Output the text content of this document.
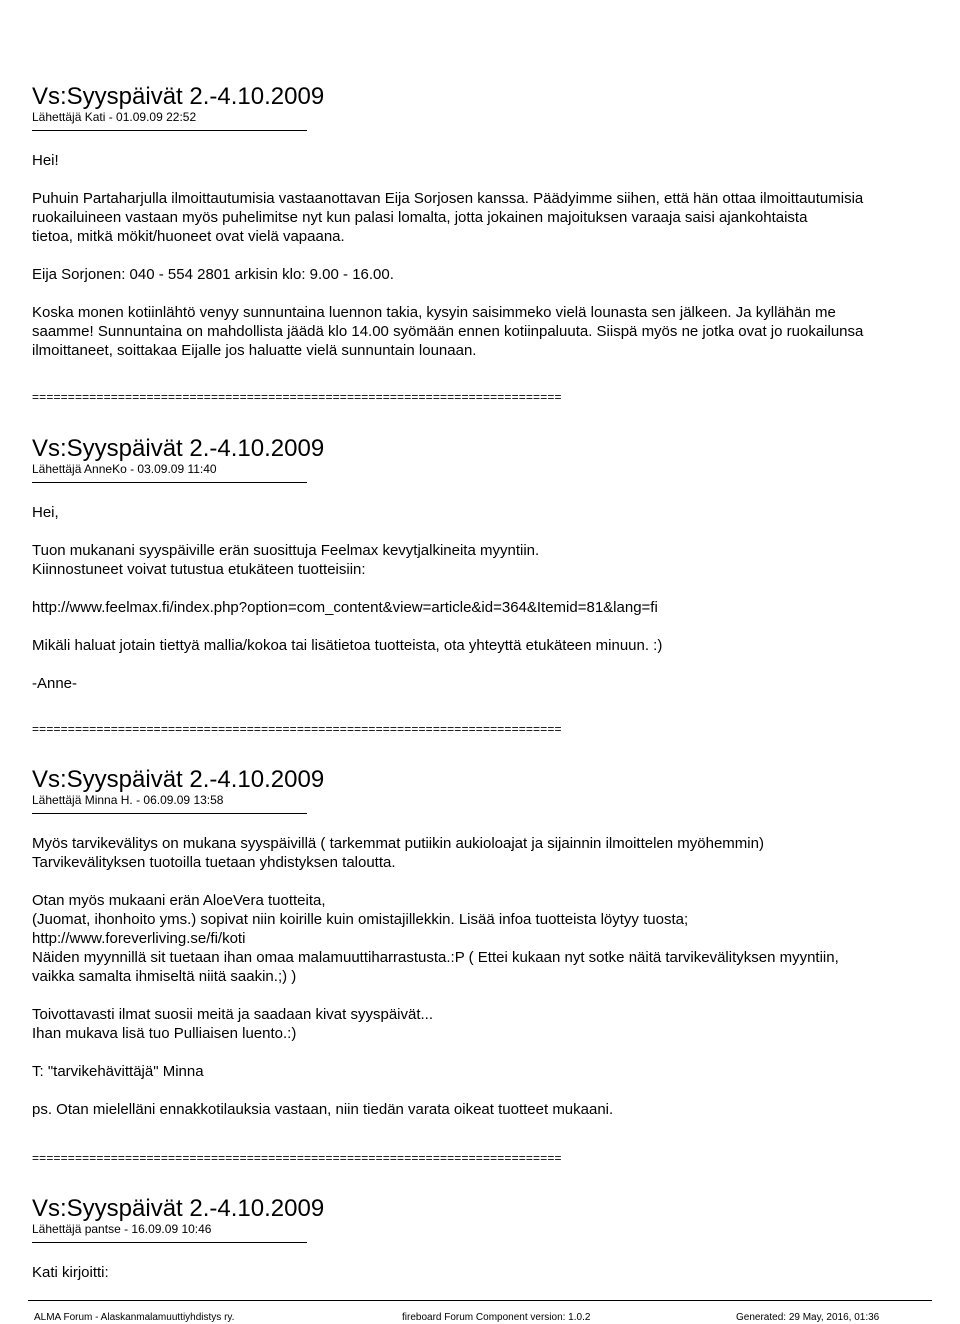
Vs:Syyspäivät 2.-4.10.2009
Lähettäjä Kati - 01.09.09 22:52

Hei!

Puhuin Partaharjulla ilmoittautumisia vastaanottavan Eija Sorjosen kanssa. Päädyimme siihen, että hän ottaa ilmoittautumisia

ruokailuineen vastaan myös puhelimitse nyt kun palasi lomalta, jotta jokainen majoituksen varaaja saisi ajankohtaista

tietoa, mitkä mökit/huoneet ovat vielä vapaana.

Eija Sorjonen: 040 - 554 2801 arkisin klo: 9.00 - 16.00.

Koska monen kotiinlähtö venyy sunnuntaina luennon takia, kysyin saisimmeko vielä lounasta sen jälkeen. Ja kyllähän me

saamme! Sunnuntaina on mahdollista jäädä klo 14.00 syömään ennen kotiinpaluuta. Siispä myös ne jotka ovat jo ruokailunsa

ilmoittaneet, soittakaa Eijalle jos haluatte vielä sunnuntain lounaan.

==========================================================================
Vs:Syyspäivät 2.-4.10.2009
Lähettäjä AnneKo - 03.09.09 11:40

Hei,

Tuon mukanani syyspäiville erän suosittuja Feelmax kevytjalkineita myyntiin.

Kiinnostuneet voivat tutustua etukäteen tuotteisiin:

http://www.feelmax.fi/index.php?option=com_content&view=article&id=364&Itemid=81&lang=fi

Mikäli haluat jotain tiettyä mallia/kokoa tai lisätietoa tuotteista, ota yhteyttä etukäteen minuun. :)

-Anne-

==========================================================================
Vs:Syyspäivät 2.-4.10.2009
Lähettäjä Minna H. - 06.09.09 13:58

Myös tarvikevälitys on mukana syyspäivillä ( tarkemmat putiikin aukioloajat ja sijainnin ilmoittelen myöhemmin)

Tarvikevälityksen tuotoilla tuetaan yhdistyksen taloutta.

Otan myös mukaani erän AloeVera tuotteita,

(Juomat, ihonhoito yms.) sopivat niin koirille kuin omistajillekkin. Lisää infoa tuotteista löytyy tuosta;

http://www.foreverliving.se/fi/koti

Näiden myynnillä sit tuetaan ihan omaa malamuuttiharrastusta.:P ( Ettei kukaan nyt sotke näitä tarvikevälityksen myyntiin,

vaikka samalta ihmiseltä niitä saakin.;) )

Toivottavasti ilmat suosii meitä ja saadaan kivat syyspäivät...

Ihan mukava lisä tuo Pulliaisen luento.:)

T: "tarvikehävittäjä" Minna

ps. Otan mielelläni ennakkotilauksia vastaan, niin tiedän varata oikeat tuotteet mukaani.

==========================================================================
Vs:Syyspäivät 2.-4.10.2009
Lähettäjä pantse - 16.09.09 10:46

Kati kirjoitti:

ALMA Forum - Alaskanmalamuuttiyhdistys ry.	fireboard Forum Component version: 1.0.2	Generated: 29 May, 2016, 01:36
